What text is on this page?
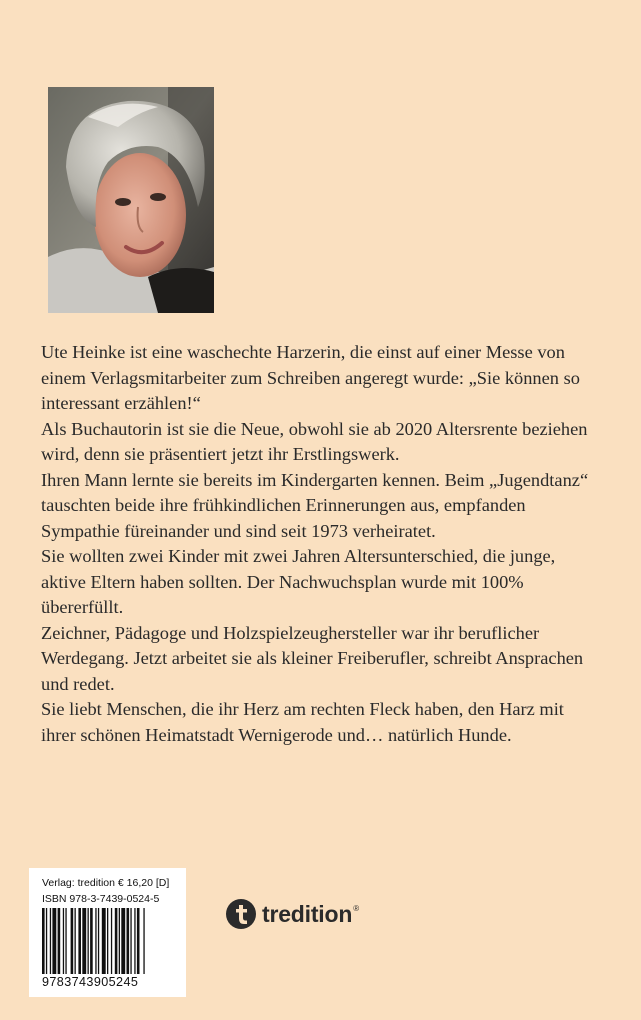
Ute Heinke ist eine waschechte Harzerin, die einst auf einer Messe von einem Verlagsmitarbeiter zum Schreiben angeregt wurde: „Sie können so interessant erzählen!“

Als Buchautorin ist sie die Neue, obwohl sie ab 2020 Altersrente beziehen wird, denn sie präsentiert jetzt ihr Erstlingswerk.

Ihren Mann lernte sie bereits im Kindergarten kennen. Beim „Jugendtanz“ tauschten beide ihre frühkindlichen Erinnerungen aus, empfanden Sympathie füreinander und sind seit 1973 verheiratet.

Sie wollten zwei Kinder mit zwei Jahren Altersunterschied, die junge, aktive Eltern haben sollten. Der Nachwuchsplan wurde mit 100% übererfüllt.

Zeichner, Pädagoge und Holzspielzeughersteller war ihr beruflicher Werdegang. Jetzt arbeitet sie als kleiner Freiberufler, schreibt Ansprachen und redet.

Sie liebt Menschen, die ihr Herz am rechten Fleck haben, den Harz mit ihrer schönen Heimatstadt Wernigerode und… natürlich Hunde.

Verlag: tredition € 16,20 [D]
ISBN 978-3-7439-0524-5
9783743905245
tredition ®
